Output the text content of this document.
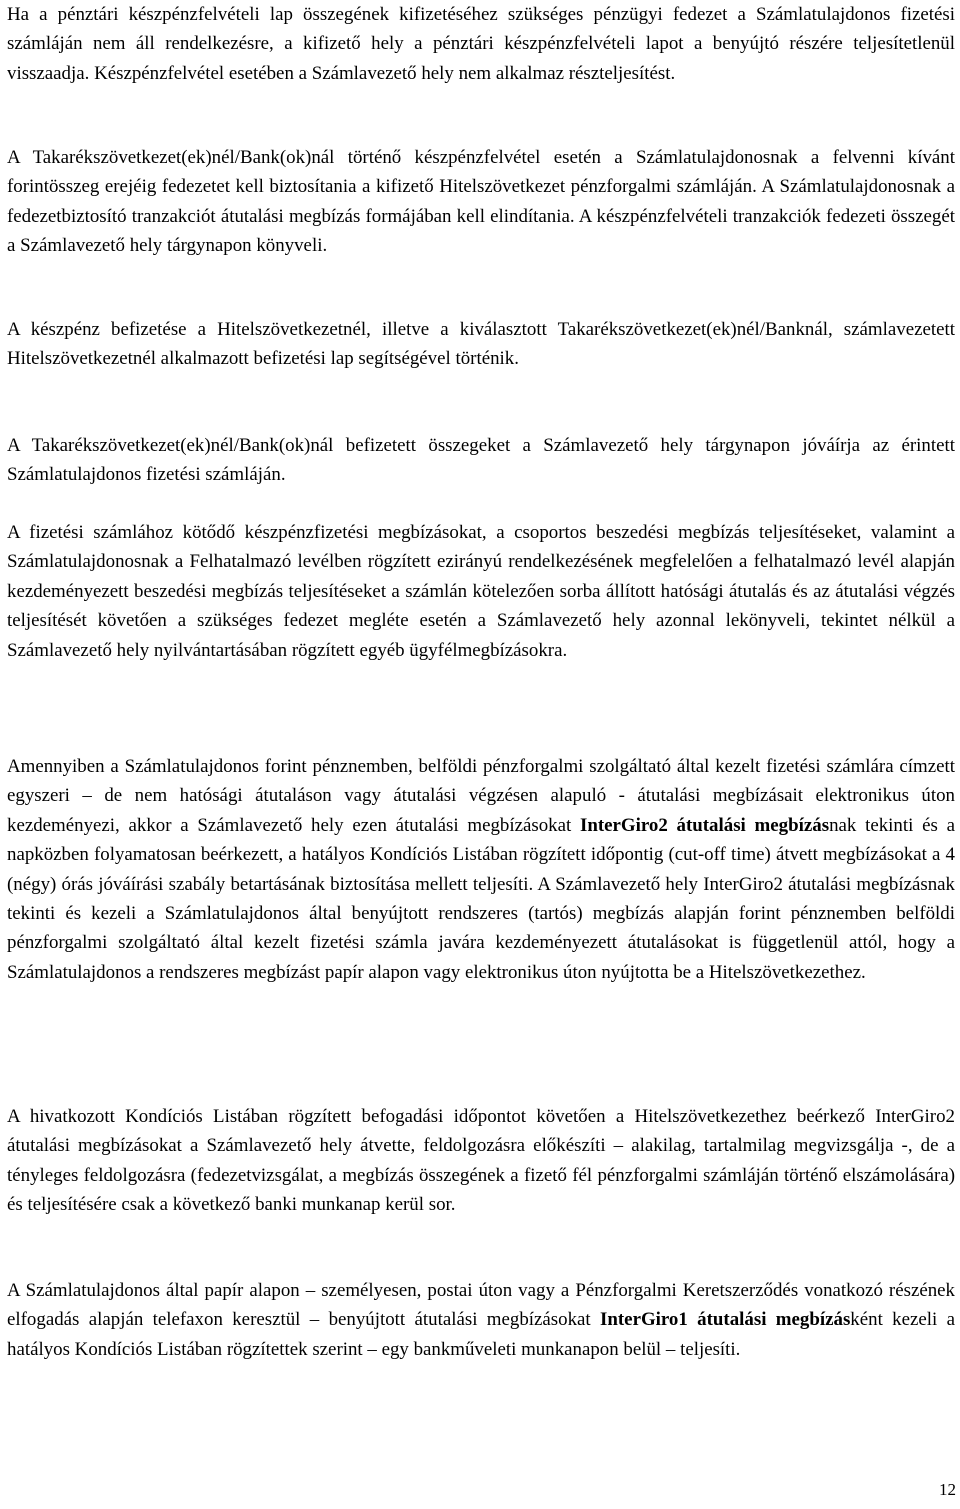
Ha a pénztári készpénzfelvételi lap összegének kifizetéséhez szükséges pénzügyi fedezet a Számlatulajdonos fizetési számláján nem áll rendelkezésre, a kifizető hely a pénztári készpénzfelvételi lapot a benyújtó részére teljesítetlenül visszaadja. Készpénzfelvétel esetében a Számlavezető hely nem alkalmaz részteljesítést.

A Takarékszövetkezet(ek)nél/Bank(ok)nál történő készpénzfelvétel esetén a Számlatulajdonosnak a felvenni kívánt forintösszeg erejéig fedezetet kell biztosítania a kifizető Hitelszövetkezet pénzforgalmi számláján. A Számlatulajdonosnak a fedezetbiztosító tranzakciót átutalási megbízás formájában kell elindítania. A készpénzfelvételi tranzakciók fedezeti összegét a Számlavezető hely tárgynapon könyveli.

A készpénz befizetése a Hitelszövetkezetnél, illetve a kiválasztott Takarékszövetkezet(ek)nél/Banknál, számlavezetett Hitelszövetkezetnél alkalmazott befizetési lap segítségével történik.

A Takarékszövetkezet(ek)nél/Bank(ok)nál befizetett összegeket a Számlavezető hely tárgynapon jóváírja az érintett Számlatulajdonos fizetési számláján.

A fizetési számlához kötődő készpénzfizetési megbízásokat, a csoportos beszedési megbízás teljesítéseket, valamint a Számlatulajdonosnak a Felhatalmazó levélben rögzített ezirányú rendelkezésének megfelelően a felhatalmazó levél alapján kezdeményezett beszedési megbízás teljesítéseket a számlán kötelezően sorba állított hatósági átutalás és az átutalási végzés teljesítését követően a szükséges fedezet megléte esetén a Számlavezető hely azonnal lekönyveli, tekintet nélkül a Számlavezető hely nyilvántartásában rögzített egyéb ügyfélmegbízásokra.

Amennyiben a Számlatulajdonos forint pénznemben, belföldi pénzforgalmi szolgáltató által kezelt fizetési számlára címzett egyszeri – de nem hatósági átutaláson vagy átutalási végzésen alapuló - átutalási megbízásait elektronikus úton kezdeményezi, akkor a Számlavezető hely ezen átutalási megbízásokat InterGiro2 átutalási megbízásnak tekinti és a napközben folyamatosan beérkezett, a hatályos Kondíciós Listában rögzített időpontig (cut-off time) átvett megbízásokat a 4 (négy) órás jóváírási szabály betartásának biztosítása mellett teljesíti. A Számlavezető hely InterGiro2 átutalási megbízásnak tekinti és kezeli a Számlatulajdonos által benyújtott rendszeres (tartós) megbízás alapján forint pénznemben belföldi pénzforgalmi szolgáltató által kezelt fizetési számla javára kezdeményezett átutalásokat is függetlenül attól, hogy a Számlatulajdonos a rendszeres megbízást papír alapon vagy elektronikus úton nyújtotta be a Hitelszövetkezethez.

A hivatkozott Kondíciós Listában rögzített befogadási időpontot követően a Hitelszövetkezethez beérkező InterGiro2 átutalási megbízásokat a Számlavezető hely átvette, feldolgozásra előkészíti – alakilag, tartalmilag megvizsgálja -, de a tényleges feldolgozásra (fedezetvizsgálat, a megbízás összegének a fizető fél pénzforgalmi számláján történő elszámolására) és teljesítésére csak a következő banki munkanap kerül sor.

A Számlatulajdonos által papír alapon – személyesen, postai úton vagy a Pénzforgalmi Keretszerződés vonatkozó részének elfogadás alapján telefaxon keresztül – benyújtott átutalási megbízásokat InterGiro1 átutalási megbízásként kezeli a hatályos Kondíciós Listában rögzítettek szerint – egy bankműveleti munkanapon belül – teljesíti.

12
